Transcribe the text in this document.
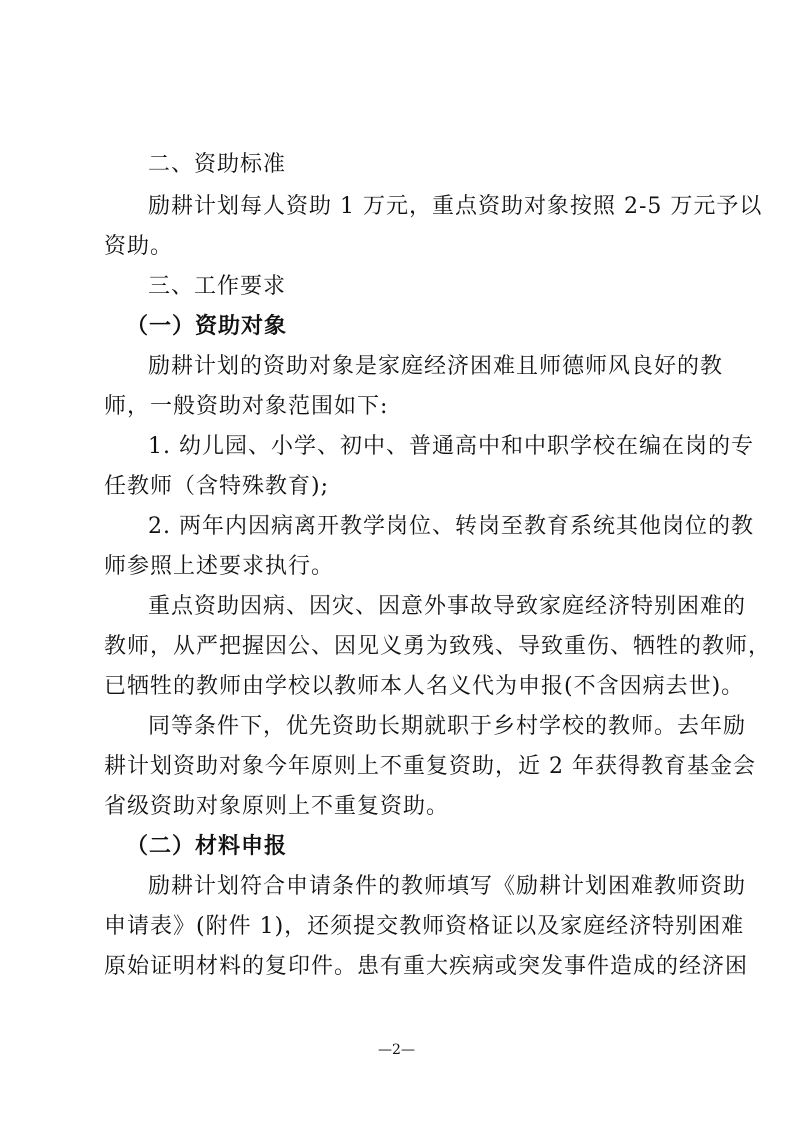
二、资助标准
励耕计划每人资助 1 万元，重点资助对象按照 2-5 万元予以
资助。
三、工作要求
（一）资助对象
励耕计划的资助对象是家庭经济困难且师德师风良好的教
师，一般资助对象范围如下:
1. 幼儿园、小学、初中、普通高中和中职学校在编在岗的专
任教师（含特殊教育);
2. 两年内因病离开教学岗位、转岗至教育系统其他岗位的教
师参照上述要求执行。
重点资助因病、因灾、因意外事故导致家庭经济特别困难的
教师，从严把握因公、因见义勇为致残、导致重伤、牺牲的教师，
已牺牲的教师由学校以教师本人名义代为申报(不含因病去世)。
同等条件下，优先资助长期就职于乡村学校的教师。去年励
耕计划资助对象今年原则上不重复资助，近 2 年获得教育基金会
省级资助对象原则上不重复资助。
（二）材料申报
励耕计划符合申请条件的教师填写《励耕计划困难教师资助
申请表》(附件 1)，还须提交教师资格证以及家庭经济特别困难
原始证明材料的复印件。患有重大疾病或突发事件造成的经济困
—2—
